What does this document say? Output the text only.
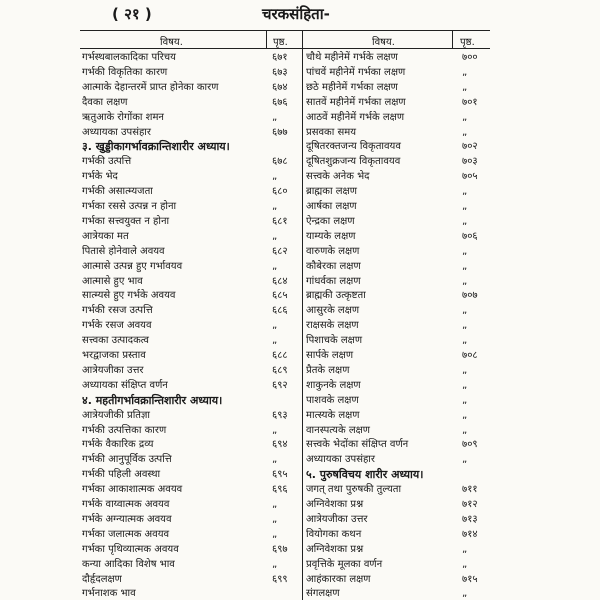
( २१ )	चरकसंहिता-
विषय.	पृष्ठ.	विषय.	पृष्ठ.
गर्भस्थबालकादिका परिचय	६७१
गर्भकी विकृतिका कारण	६७३
आत्माके देहान्तरमें प्राप्त होनेका कारण	६७४
दैवका लक्षण	६७६
ऋतुआके रोगोंका शमन	„
अध्यायका उपसंहार	६७७
३. खुड्डीकागर्भावक्रान्तिशारीर अध्याय।
गर्भकी उत्पत्ति	६७८
गर्भके भेद	„
गर्भकी असात्म्यजता	६८०
गर्भका रससे उत्पन्न न होना	„
गर्भका सत्त्वयुक्त न होना	६८१
आत्रेयका मत	„
पितासे होनेवाले अवयव	६८२
आत्मासे उत्पन्न हुए गर्भावयव	„
आत्मासे हुए भाव	६८४
सात्म्यसे हुए गर्भके अवयव	६८५
गर्भकी रसज उत्पत्ति	६८६
गर्भके रसज अवयव	„
सत्त्वका उत्पादकत्व	„
भरद्वाजका प्रस्ताव	६८८
आत्रेयजीका उत्तर	६८९
अध्यायका संक्षिप्त वर्णन	६९२
४. महतीगर्भावक्रान्तिशारीर अध्याय।
आत्रेयजीकी प्रतिज्ञा	६९३
गर्भकी उत्पत्तिका कारण	„
गर्भके वैकारिक द्रव्य	६९४
गर्भकी आनुपूर्विक उत्पत्ति	„
गर्भकी पहिली अवस्था	६९५
गर्भका आकाशात्मक अवयव	६९६
गर्भके वाय्वात्मक अवयव	„
गर्भके अग्न्यात्मक अवयव	„
गर्भका जलात्मक अवयव	„
गर्भका पृथिव्यात्मक अवयव	६९७
कन्या आदिका विशेष भाव	„
दौर्हृदलक्षण	६९९
गर्भनाशक भाव
चौथे महीनेमें गर्भके लक्षण	७००
पांचवें महीनेमें गर्भका लक्षण	„
छठे महीनेमें गर्भका लक्षण	„
सातवें महीनेमें गर्भका लक्षण	७०१
आठवें महीनेमें गर्भके लक्षण	„
प्रसवका समय	„
दूषितरक्तजन्य विकृतावयव	७०२
दूषितशुक्रजन्य विकृतावयव	७०३
सत्त्वके अनेक भेद	७०५
ब्राह्मका लक्षण	„
आर्षका लक्षण	„
ऐन्द्रका लक्षण	„
याम्यके लक्षण	७०६
वारुणके लक्षण	„
कौबेरका लक्षण	„
गांधर्वका लक्षण	„
ब्राह्मकी उत्कृष्टता	७०७
आसुरके लक्षण	„
राक्षसके लक्षण	„
पिशाचके लक्षण	„
सार्पके लक्षण	७०८
प्रैतके लक्षण	„
शाकुनके लक्षण	„
पाशवके लक्षण	„
मात्स्यके लक्षण	„
वानस्पत्यके लक्षण	„
सत्त्वके भेदोंका संक्षिप्त वर्णन	७०९
अध्यायका उपसंहार	„
५. पुरुषविचय शारीर अध्याय।
जगत् तथा पुरुषकी तुल्यता	७११
अग्निवेशका प्रश्न	७१२
आत्रेयजीका उत्तर	७१३
वियोगका कथन	७१४
अग्निवेशका प्रश्न	„
प्रवृत्तिके मूलका वर्णन	„
आहंकारका लक्षण	७१५
संगलक्षण	„
